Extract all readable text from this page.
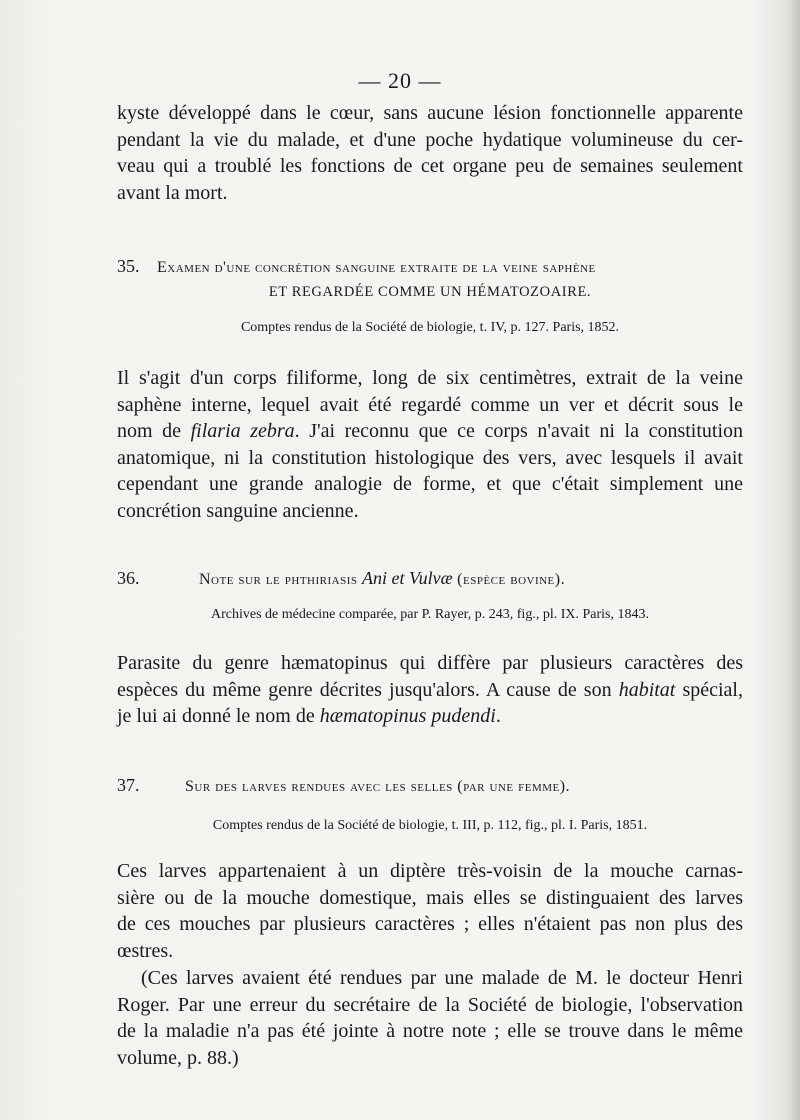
— 20 —
kyste développé dans le cœur, sans aucune lésion fonctionnelle apparente
pendant la vie du malade, et d'une poche hydatique volumineuse du cer-
veau qui a troublé les fonctions de cet organe peu de semaines seulement
avant la mort.
35. Examen d'une concrétion sanguine extraite de la veine saphène
ET REGARDÉE COMME UN HÉMATOZOAIRE.
Comptes rendus de la Société de biologie, t. IV, p. 127. Paris, 1852.
Il s'agit d'un corps filiforme, long de six centimètres, extrait de la veine
saphène interne, lequel avait été regardé comme un ver et décrit sous le
nom de filaria zebra. J'ai reconnu que ce corps n'avait ni la constitution
anatomique, ni la constitution histologique des vers, avec lesquels il avait
cependant une grande analogie de forme, et que c'était simplement une
concrétion sanguine ancienne.
36.	Note sur le phthiriasis Ani et Vulvæ (espèce bovine).
Archives de médecine comparée, par P. Rayer, p. 243, fig., pl. IX. Paris, 1843.
Parasite du genre hæmatopinus qui diffère par plusieurs caractères des
espèces du même genre décrites jusqu'alors. A cause de son habitat spécial,
je lui ai donné le nom de hæmatopinus pudendi.
37.	Sur des larves rendues avec les selles (par une femme).
Comptes rendus de la Société de biologie, t. III, p. 112, fig., pl. I. Paris, 1851.
Ces larves appartenaient à un diptère très-voisin de la mouche carnas-
sière ou de la mouche domestique, mais elles se distinguaient des larves
de ces mouches par plusieurs caractères ; elles n'étaient pas non plus des
œstres.
(Ces larves avaient été rendues par une malade de M. le docteur Henri
Roger. Par une erreur du secrétaire de la Société de biologie, l'observation
de la maladie n'a pas été jointe à notre note ; elle se trouve dans le même
volume, p. 88.)
